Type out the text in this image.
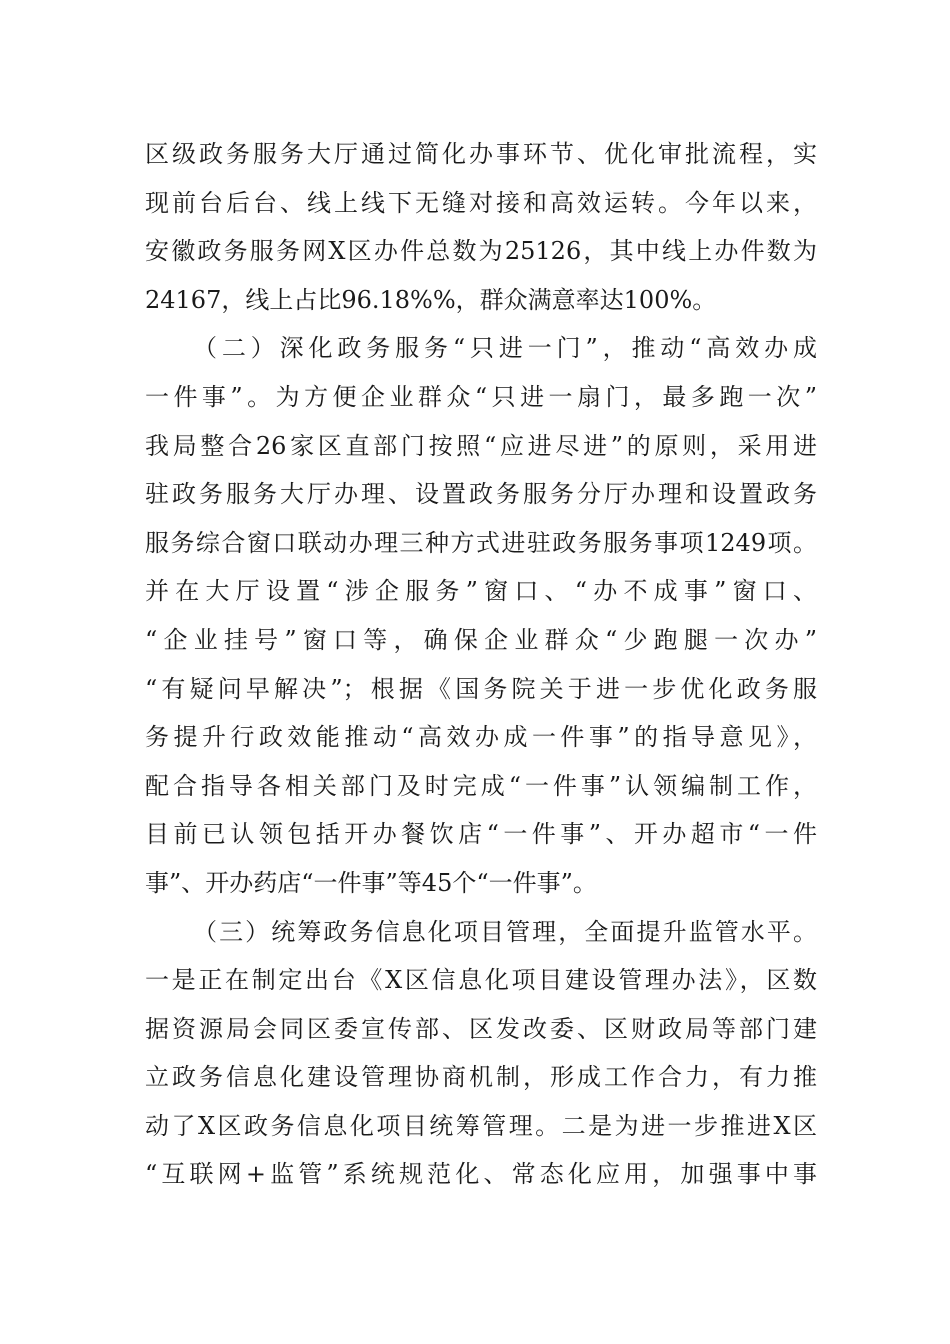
区级政务服务大厅通过简化办事环节、优化审批流程，实
现前台后台、线上线下无缝对接和高效运转。今年以来，
安徽政务服务网X区办件总数为25126，其中线上办件数为
24167，线上占比96.18%%，群众满意率达100%。
（二）深化政务服务“只进一门”，推动“高效办成
一件事”。为方便企业群众“只进一扇门，最多跑一次”
我局整合26家区直部门按照“应进尽进”的原则，采用进
驻政务服务大厅办理、设置政务服务分厅办理和设置政务
服务综合窗口联动办理三种方式进驻政务服务事项1249项。
并在大厅设置“涉企服务”窗口、“办不成事”窗口、
“企业挂号”窗口等，确保企业群众“少跑腿一次办”
“有疑问早解决”；根据《国务院关于进一步优化政务服
务提升行政效能推动“高效办成一件事”的指导意见》，
配合指导各相关部门及时完成“一件事”认领编制工作，
目前已认领包括开办餐饮店“一件事”、开办超市“一件
事”、开办药店“一件事”等45个“一件事”。
（三）统筹政务信息化项目管理，全面提升监管水平。
一是正在制定出台《X区信息化项目建设管理办法》，区数
据资源局会同区委宣传部、区发改委、区财政局等部门建
立政务信息化建设管理协商机制，形成工作合力，有力推
动了X区政务信息化项目统筹管理。二是为进一步推进X区
“互联网+监管”系统规范化、常态化应用，加强事中事
